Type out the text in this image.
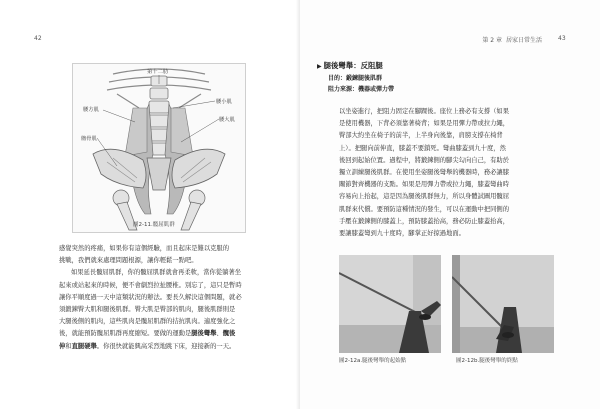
42
第十二肋
腰方肌
腰小肌
腰大肌
髂骨肌
圖2-11.髖屈肌群

感覺突然的疼痛，如果你有這個經驗，而且起床是難以克服的

挑戰，我們就來處理問題根源，讓你輕鬆一點吧。

如果延長髖屈肌群，你的髖屈肌群就會再柔軟，當你從躺著坐

起來或站起來的時候，便不會劇烈拉扯腰椎。別忘了，這只是暫時

讓你平順度過一天中這類狀況的辦法。要長久解決這個問題，就必

須鍛鍊臀大肌和腿後肌群。臀大肌是臀部的肌肉，腿後肌群則是

大腿後側的肌肉，這些肌肉是髖屈肌群的拮抗肌肉。適度強化之

後，就能預防髖屈肌群再度縮短。要做的運動是腿後彎舉、髖後

伸和直腿硬舉。你很快就能興高采烈地跳下床，迎接新的一天。

第 2 章 居家日常生活	43
▶ 腿後彎舉：反阻腿
目的：鍛鍊腿後肌群
阻力來源：機器或彈力帶

以坐姿進行，把阻力固定在腳踝後。座位上務必有支撐（如果

是使用機器，下背必須靠著椅背；如果是用彈力帶或拉力繩，

臀部大約坐在椅子的前半，上半身向後靠，肩膀支撐在椅背

上）。把腿向前伸直，膝蓋不要鎖死。彎曲膝蓋到九十度，然

後回到起始位置。過程中，將鍛鍊側的腳尖勾向自己，有助於

獨立訓練腿後肌群。在使用坐姿腿後彎舉的機器時，務必讓膝

關節對齊機器的支點。如果是用彈力帶或拉力繩，膝蓋彎曲時

容易向上抬起，這是因為腿後肌群無力，所以身體試圖用髖屈

肌群來代償。要預防這種情況的發生，可以在運動中把同側的

手壓在鍛鍊側的膝蓋上，預防膝蓋抬高，務必防止膝蓋抬高，

要讓膝蓋彎到九十度時，腳掌正好掠過地面。

圖2-12a.腿後彎舉的起始點	圖2-12b.腿後彎舉的終點
